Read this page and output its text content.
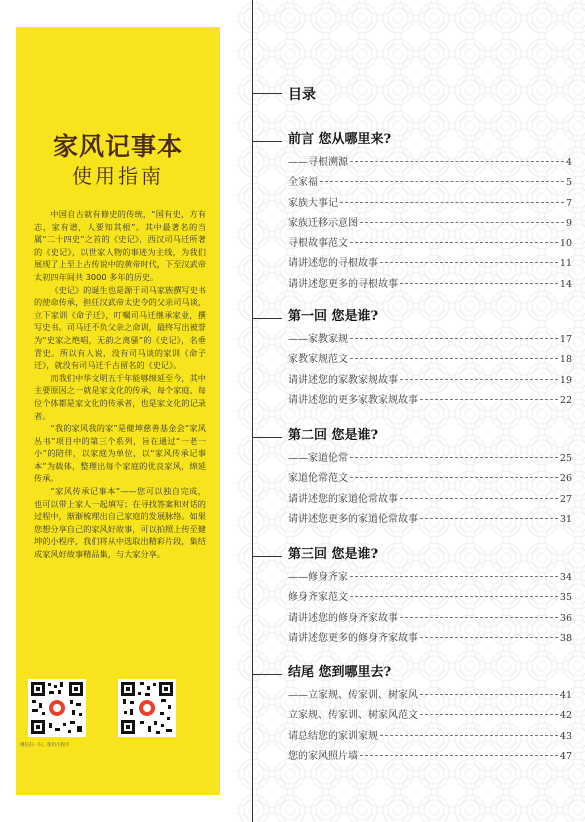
家风记事本
使用指南

中国自古就有修史的传统，“国有史，方有志，家有谱，人要知其根”。其中最著名的当属“二十四史”之首的《史记》，西汉司马迁所著的《史记》，以世家人物的事迹为主线，为我们展现了上至上古传说中的黄帝时代，下至汉武帝太初四年间共 3000 多年的历史。

《史记》的诞生也是源于司马家族撰写史书的使命传承，担任汉武帝太史令的父亲司马谈，立下家训《命子迁》，叮嘱司马迁继承家业，撰写史书。司马迁不负父亲之命训，最终写出被誉为“史家之绝唱，无韵之离骚”的《史记》，名垂青史。所以有人说，没有司马谈的家训《命子迁》，就没有司马迁千古留名的《史记》。

而我们中华文明五千年能够绵延至今，其中主要原因之一就是家文化的传承，每个家庭、每位个体都是家文化的传承者，也是家文化的记录者。

“我的家风我的家”是健坤慈善基金会“家风丛书”项目中的第三个系列，旨在通过“一老一小”的陪伴，以家庭为单位，以“家风传承记事本”为载体，整理出每个家庭的优良家风，绵延传承。

“家风传承记事本”——您可以独自完成，也可以带上家人一起填写；在寻找答案和对话的过程中，渐渐梳理出自己家庭的发展脉络。如果您想分享自己的家风好故事，可以拍照上传至健坤的小程序，我们将从中选取出精彩片段，集结成家风好故事精品集，与大家分享。

微信扫一扫，使用小程序
目录
前言 您从哪里来?
——寻根溯源	4
全家福	5
家族大事记	7
家族迁移示意图	9
寻根故事范文	10
请讲述您的寻根故事	11
请讲述您更多的寻根故事	14
第一回 您是谁?
——家教家规	17
家教家规范文	18
请讲述您的家教家规故事	19
请讲述您的更多家教家规故事	22
第二回 您是谁?
——家道伦常	25
家道伦常范文	26
请讲述您的家道伦常故事	27
请讲述您更多的家道伦常故事	31
第三回 您是谁?
——修身齐家	34
修身齐家范文	35
请讲述您的修身齐家故事	36
请讲述您更多的修身齐家故事	38
结尾 您到哪里去?
——立家规、传家训、树家风	41
立家规、传家训、树家风范文	42
请总结您的家训家规	43
您的家风照片墙	47
